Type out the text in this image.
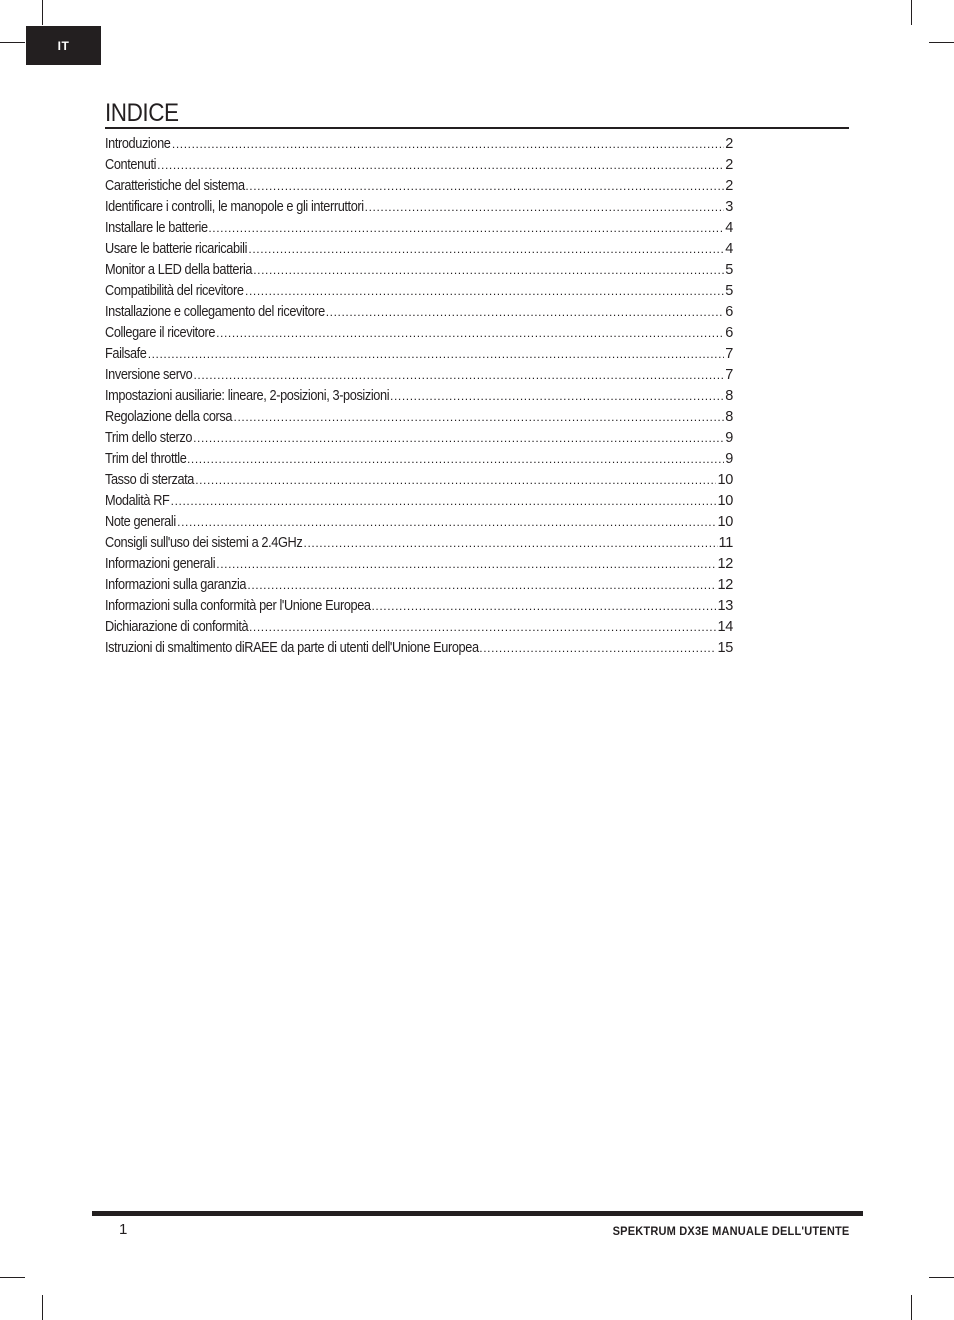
IT
INDICE
Introduzione .....	2
Contenuti .....	2
Caratteristiche del sistema .....	2
Identificare i controlli, le manopole e gli interruttori .....	3
Installare le batterie .....	4
Usare le batterie ricaricabili .....	4
Monitor a LED della batteria .....	5
Compatibilità del ricevitore .....	5
Installazione e collegamento del ricevitore .....	6
Collegare il ricevitore .....	6
Failsafe .....	7
Inversione servo .....	7
Impostazioni ausiliarie: lineare, 2-posizioni, 3-posizioni .....	8
Regolazione della corsa .....	8
Trim dello sterzo .....	9
Trim del throttle .....	9
Tasso di sterzata .....	10
Modalità RF .....	10
Note generali .....	10
Consigli sull'uso dei sistemi a 2.4GHz .....	11
Informazioni generali .....	12
Informazioni sulla garanzia .....	12
Informazioni sulla conformità per l'Unione Europea .....	13
Dichiarazione di conformità .....	14
Istruzioni di smaltimento diRAEE da parte di utenti dell'Unione Europea .....	15
1	SPEKTRUM DX3E MANUALE DELL'UTENTE
